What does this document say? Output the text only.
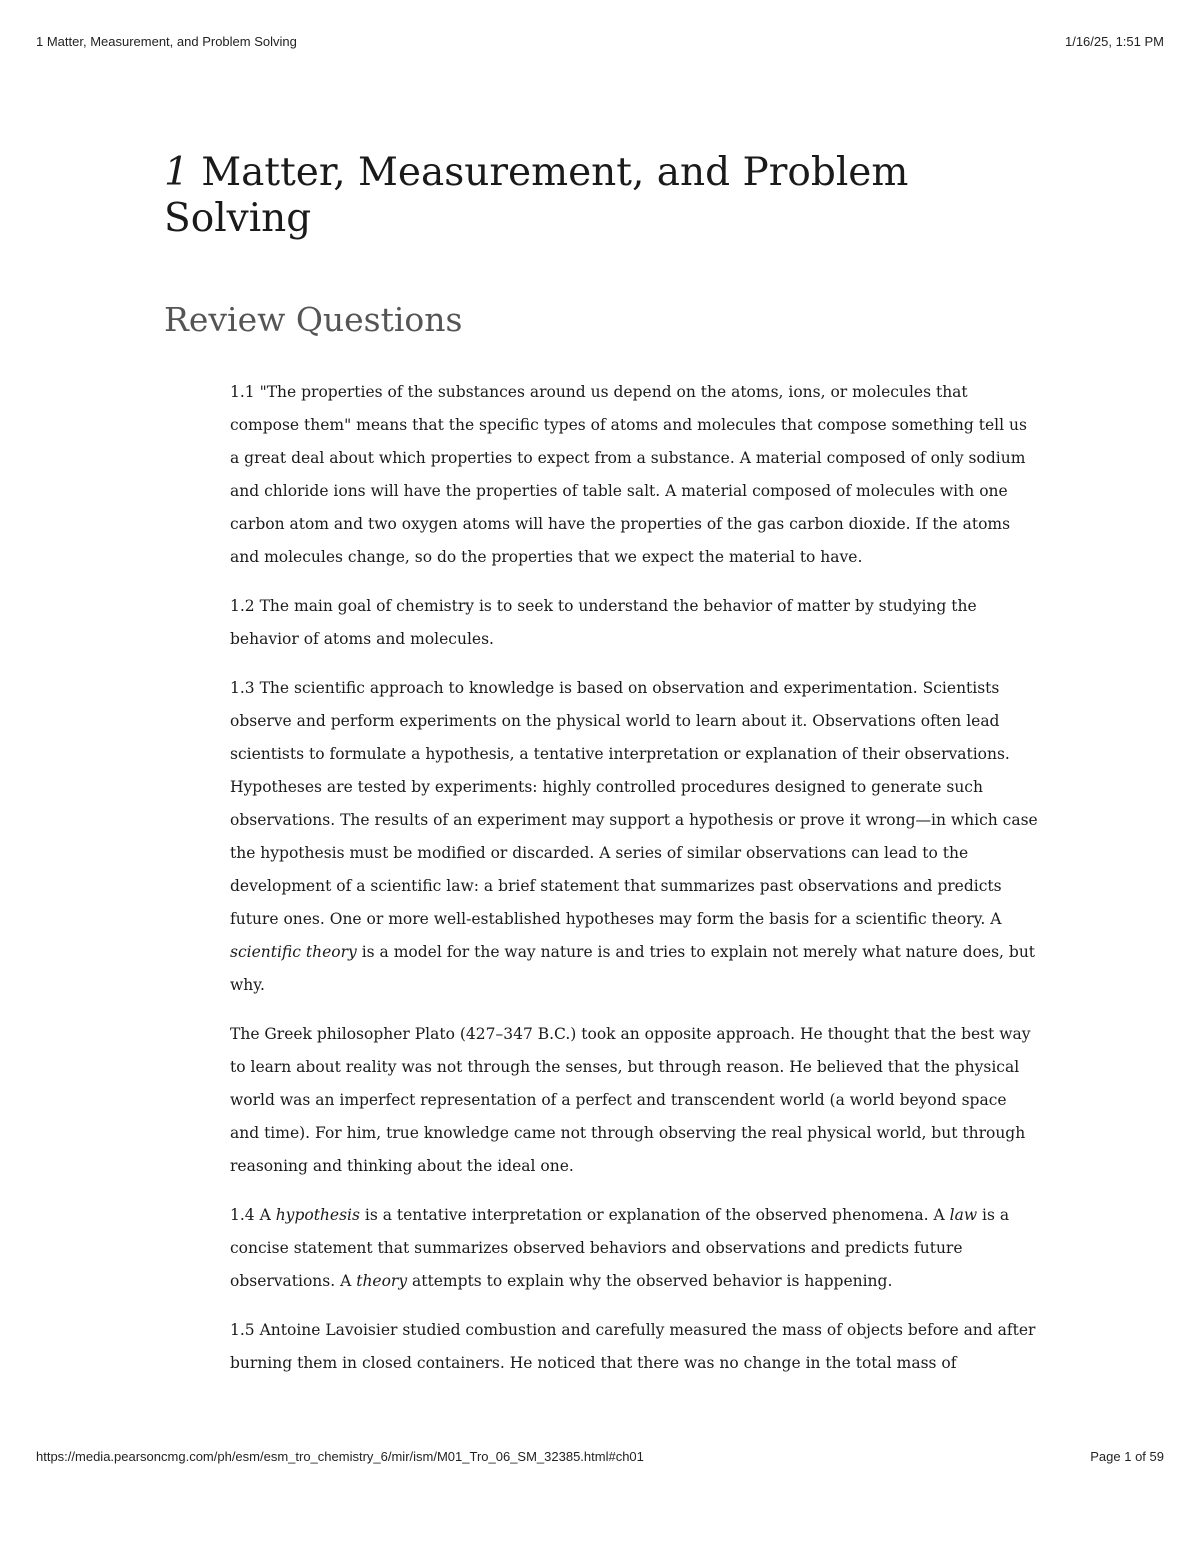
1 Matter, Measurement, and Problem Solving	1/16/25, 1:51 PM
1 Matter, Measurement, and Problem Solving
Review Questions

1.1 "The properties of the substances around us depend on the atoms, ions, or molecules that compose them" means that the specific types of atoms and molecules that compose something tell us a great deal about which properties to expect from a substance. A material composed of only sodium and chloride ions will have the properties of table salt. A material composed of molecules with one carbon atom and two oxygen atoms will have the properties of the gas carbon dioxide. If the atoms and molecules change, so do the properties that we expect the material to have.

1.2 The main goal of chemistry is to seek to understand the behavior of matter by studying the behavior of atoms and molecules.

1.3 The scientific approach to knowledge is based on observation and experimentation. Scientists observe and perform experiments on the physical world to learn about it. Observations often lead scientists to formulate a hypothesis, a tentative interpretation or explanation of their observations. Hypotheses are tested by experiments: highly controlled procedures designed to generate such observations. The results of an experiment may support a hypothesis or prove it wrong—in which case the hypothesis must be modified or discarded. A series of similar observations can lead to the development of a scientific law: a brief statement that summarizes past observations and predicts future ones. One or more well-established hypotheses may form the basis for a scientific theory. A scientific theory is a model for the way nature is and tries to explain not merely what nature does, but why.

The Greek philosopher Plato (427–347 B.C.) took an opposite approach. He thought that the best way to learn about reality was not through the senses, but through reason. He believed that the physical world was an imperfect representation of a perfect and transcendent world (a world beyond space and time). For him, true knowledge came not through observing the real physical world, but through reasoning and thinking about the ideal one.

1.4 A hypothesis is a tentative interpretation or explanation of the observed phenomena. A law is a concise statement that summarizes observed behaviors and observations and predicts future observations. A theory attempts to explain why the observed behavior is happening.

1.5 Antoine Lavoisier studied combustion and carefully measured the mass of objects before and after burning them in closed containers. He noticed that there was no change in the total mass of

https://media.pearsoncmg.com/ph/esm/esm_tro_chemistry_6/mir/ism/M01_Tro_06_SM_32385.html#ch01	Page 1 of 59
